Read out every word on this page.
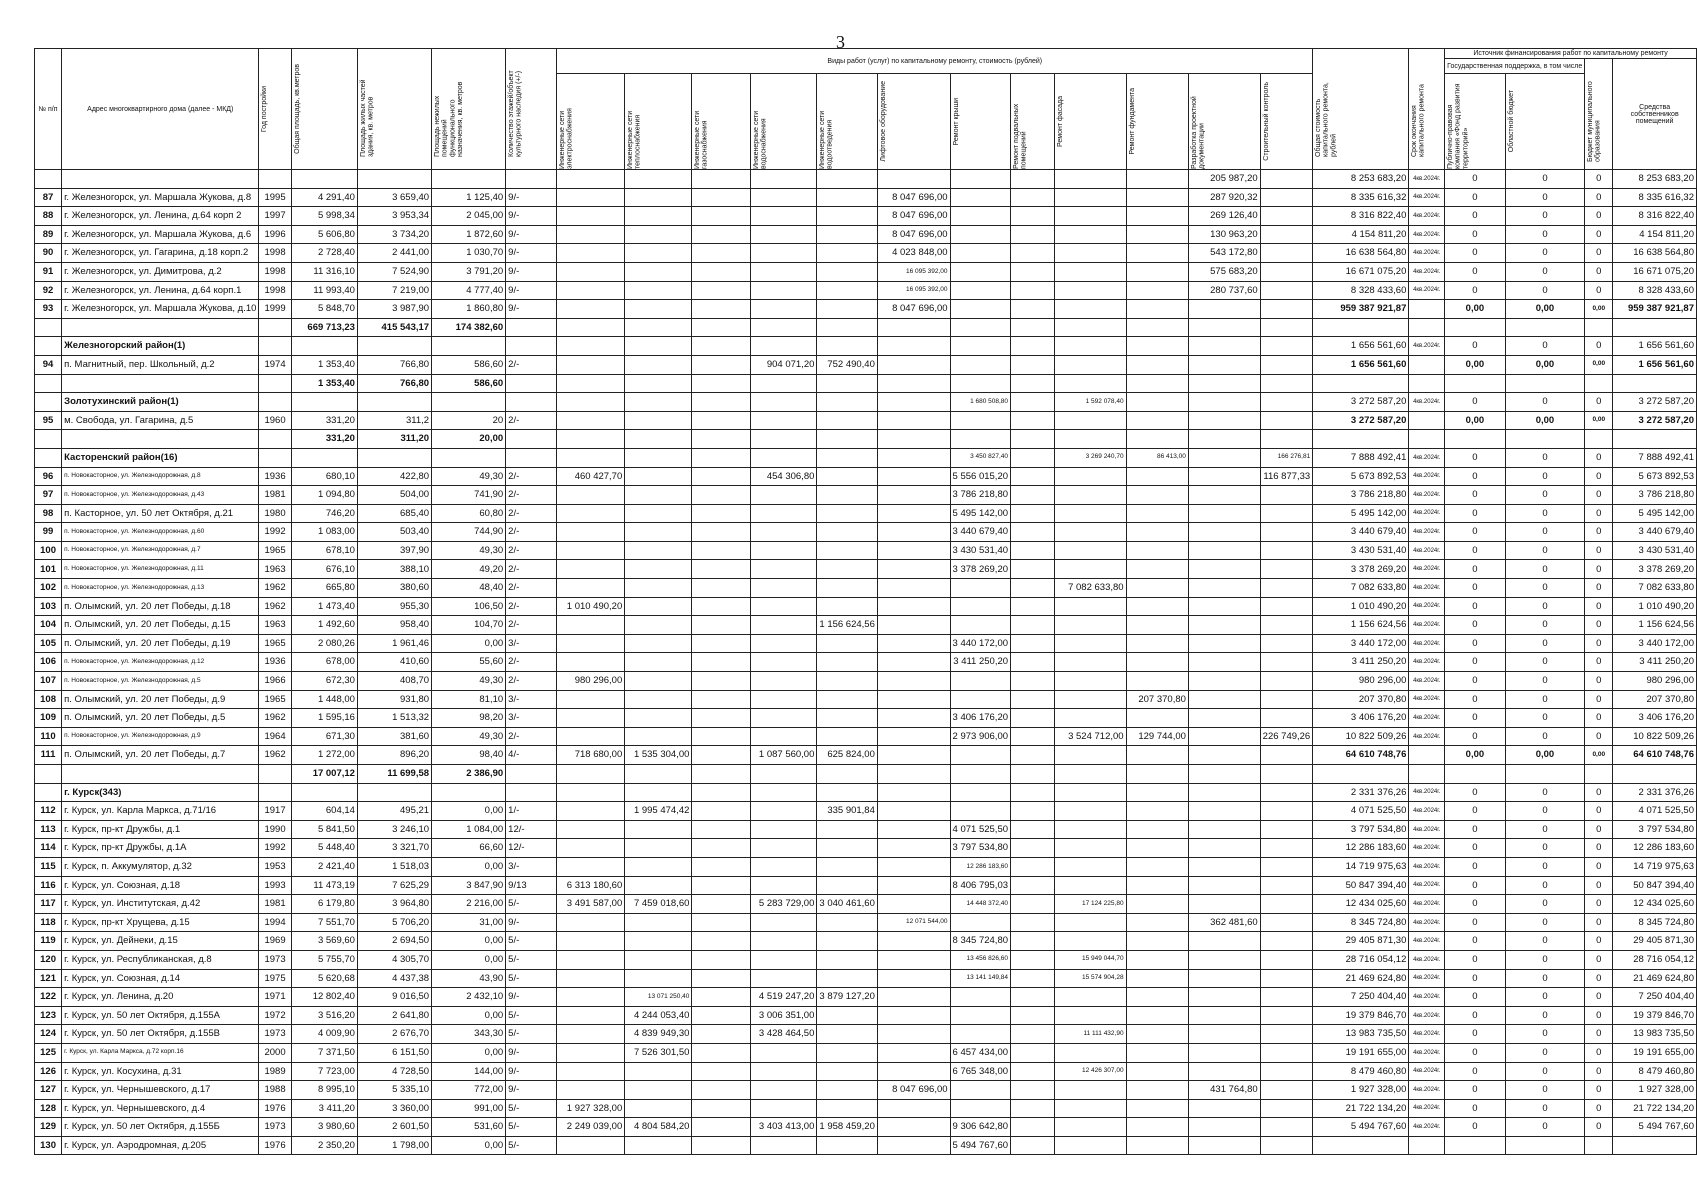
3
№ п/п	Адрес многоквартирного дома (далее - МКД)	Год постройки	Общая площадь, кв.метров	Площадь жилых частей здания, кв. метров	Площадь нежилых помещений функционального назначения, кв. метров	Количество этажей/объект культурного наследия (+/-)	Виды работ (услуг) по капитальному ремонту, стоимость (рублей)												Общая стоимость капитального ремонта, рублей	Срок окончания капитального ремонта	Источник финансирования работ по капитальному ремонту			
																					Государственная поддержка, в том числе		Бюджет муниципального образования	Средства собственников помещений

							Инженерные сети электроснабжения	Инженерные сети теплоснабжения	Инженерные сети газоснабжения	Инженерные сети водоснабжения	Инженерные сети водоотведения	Лифтовое оборудование	Ремонт крыши	Ремонт подвальных помещений	Ремонт фасада	Ремонт фундамента	Разработка проектной документации	Строительный контроль			Публично-правовая компания «Фонд развития территорий»	Областной бюджет		

																	205 987,20		8 253 683,20	4кв.2024г.	0	0	0	8 253 683,20
87	г. Железногорск, ул. Маршала Жукова, д.8	1995	4 291,40	3 659,40	1 125,40	9/-						8 047 696,00					287 920,32		8 335 616,32	4кв.2024г.	0	0	0	8 335 616,32
88	г. Железногорск, ул. Ленина, д.64 корп 2	1997	5 998,34	3 953,34	2 045,00	9/-						8 047 696,00					269 126,40		8 316 822,40	4кв.2024г.	0	0	0	8 316 822,40
89	г. Железногорск, ул. Маршала Жукова, д.6	1996	5 606,80	3 734,20	1 872,60	9/-						8 047 696,00					130 963,20		4 154 811,20	4кв.2024г.	0	0	0	4 154 811,20
90	г. Железногорск, ул. Гагарина, д.18 корп.2	1998	2 728,40	2 441,00	1 030,70	9/-						4 023 848,00					543 172,80		16 638 564,80	4кв.2024г.	0	0	0	16 638 564,80
91	г. Железногорск, ул. Димитрова, д.2	1998	11 316,10	7 524,90	3 791,20	9/-						16 095 392,00					575 683,20		16 671 075,20	4кв.2024г.	0	0	0	16 671 075,20
92	г. Железногорск, ул. Ленина, д.64 корп.1	1998	11 993,40	7 219,00	4 777,40	9/-						16 095 392,00					280 737,60		8 328 433,60	4кв.2024г.	0	0	0	8 328 433,60
93	г. Железногорск, ул. Маршала Жукова, д.10	1999	5 848,70	3 987,90	1 860,80	9/-						8 047 696,00							959 387 921,87		0,00	0,00	0,00	959 387 921,87
			669 713,23	415 543,17	174 382,60																			
	Железногорский район(1)																		1 656 561,60	4кв.2024г.	0	0	0	1 656 561,60
94	п. Магнитный, пер. Школьный, д.2	1974	1 353,40	766,80	586,60	2/-				904 071,20	752 490,40								1 656 561,60		0,00	0,00	0,00	1 656 561,60
			1 353,40	766,80	586,60																			
	Золотухинский район(1)												1 680 508,80		1 592 078,40				3 272 587,20	4кв.2024г.	0	0	0	3 272 587,20
95	м. Свобода, ул. Гагарина, д.5	1960	331,20	311,2	20	2/-													3 272 587,20		0,00	0,00	0,00	3 272 587,20
			331,20	311,20	20,00																			
	Касторенский район(16)												3 450 827,40		3 269 240,70	86 413,00		166 276,81	7 888 492,41	4кв.2024г.	0	0	0	7 888 492,41
96	п. Новокасторное, ул. Железнодорожная, д.8	1936	680,10	422,80	49,30	2/-	460 427,70			454 306,80			5 556 015,20					116 877,33	5 673 892,53	4кв.2024г.	0	0	0	5 673 892,53
97	п. Новокасторное, ул. Железнодорожная, д.43	1981	1 094,80	504,00	741,90	2/-							3 786 218,80						3 786 218,80	4кв.2024г.	0	0	0	3 786 218,80
98	п. Касторное, ул. 50 лет Октября, д.21	1980	746,20	685,40	60,80	2/-							5 495 142,00						5 495 142,00	4кв.2024г.	0	0	0	5 495 142,00
99	п. Новокасторное, ул. Железнодорожная, д.60	1992	1 083,00	503,40	744,90	2/-							3 440 679,40						3 440 679,40	4кв.2024г.	0	0	0	3 440 679,40
100	п. Новокасторное, ул. Железнодорожная, д.7	1965	678,10	397,90	49,30	2/-							3 430 531,40						3 430 531,40	4кв.2024г.	0	0	0	3 430 531,40
101	п. Новокасторное, ул. Железнодорожная, д.11	1963	676,10	388,10	49,20	2/-							3 378 269,20						3 378 269,20	4кв.2024г.	0	0	0	3 378 269,20
102	п. Новокасторное, ул. Железнодорожная, д.13	1962	665,80	380,60	48,40	2/-									7 082 633,80				7 082 633,80	4кв.2024г.	0	0	0	7 082 633,80
103	п. Олымский, ул. 20 лет Победы, д.18	1962	1 473,40	955,30	106,50	2/-	1 010 490,20												1 010 490,20	4кв.2024г.	0	0	0	1 010 490,20
104	п. Олымский, ул. 20 лет Победы, д.15	1963	1 492,60	958,40	104,70	2/-					1 156 624,56								1 156 624,56	4кв.2024г.	0	0	0	1 156 624,56
105	п. Олымский, ул. 20 лет Победы, д.19	1965	2 080,26	1 961,46	0,00	3/-							3 440 172,00						3 440 172,00	4кв.2024г.	0	0	0	3 440 172,00
106	п. Новокасторное, ул. Железнодорожная, д.12	1936	678,00	410,60	55,60	2/-							3 411 250,20						3 411 250,20	4кв.2024г.	0	0	0	3 411 250,20
107	п. Новокасторное, ул. Железнодорожная, д.5	1966	672,30	408,70	49,30	2/-	980 296,00												980 296,00	4кв.2024г.	0	0	0	980 296,00
108	п. Олымский, ул. 20 лет Победы, д.9	1965	1 448,00	931,80	81,10	3/-										207 370,80			207 370,80	4кв.2024г.	0	0	0	207 370,80
109	п. Олымский, ул. 20 лет Победы, д.5	1962	1 595,16	1 513,32	98,20	3/-							3 406 176,20						3 406 176,20	4кв.2024г.	0	0	0	3 406 176,20
110	п. Новокасторное, ул. Железнодорожная, д.9	1964	671,30	381,60	49,30	2/-							2 973 906,00		3 524 712,00	129 744,00		226 749,26	10 822 509,26	4кв.2024г.	0	0	0	10 822 509,26
111	п. Олымский, ул. 20 лет Победы, д.7	1962	1 272,00	896,20	98,40	4/-	718 680,00	1 535 304,00		1 087 560,00	625 824,00								64 610 748,76		0,00	0,00	0,00	64 610 748,76
			17 007,12	11 699,58	2 386,90																			
	г. Курск(343)																		2 331 376,26	4кв.2024г.	0	0	0	2 331 376,26
112	г. Курск, ул. Карла Маркса, д.71/16	1917	604,14	495,21	0,00	1/-		1 995 474,42			335 901,84								4 071 525,50	4кв.2024г.	0	0	0	4 071 525,50
113	г. Курск, пр-кт Дружбы, д.1	1990	5 841,50	3 246,10	1 084,00	12/-							4 071 525,50						3 797 534,80	4кв.2024г.	0	0	0	3 797 534,80
114	г. Курск, пр-кт Дружбы, д.1А	1992	5 448,40	3 321,70	66,60	12/-							3 797 534,80						12 286 183,60	4кв.2024г.	0	0	0	12 286 183,60
115	г. Курск, п. Аккумулятор, д.32	1953	2 421,40	1 518,03	0,00	3/-							12 286 183,60						14 719 975,63	4кв.2024г.	0	0	0	14 719 975,63
116	г. Курск, ул. Союзная, д.18	1993	11 473,19	7 625,29	3 847,90	9/13	6 313 180,60						8 406 795,03						50 847 394,40	4кв.2024г.	0	0	0	50 847 394,40
117	г. Курск, ул. Институтская, д.42	1981	6 179,80	3 964,80	2 216,00	5/-	3 491 587,00	7 459 018,60		5 283 729,00	3 040 461,60		14 448 372,40		17 124 225,80				12 434 025,60	4кв.2024г.	0	0	0	12 434 025,60
118	г. Курск, пр-кт Хрущева, д.15	1994	7 551,70	5 706,20	31,00	9/-						12 071 544,00					362 481,60		8 345 724,80	4кв.2024г.	0	0	0	8 345 724,80
119	г. Курск, ул. Дейнеки, д.15	1969	3 569,60	2 694,50	0,00	5/-							8 345 724,80						29 405 871,30	4кв.2024г.	0	0	0	29 405 871,30
120	г. Курск, ул. Республиканская, д.8	1973	5 755,70	4 305,70	0,00	5/-							13 456 826,60		15 949 044,70				28 716 054,12	4кв.2024г.	0	0	0	28 716 054,12
121	г. Курск, ул. Союзная, д.14	1975	5 620,68	4 437,38	43,90	5/-							13 141 149,84		15 574 904,28				21 469 624,80	4кв.2024г.	0	0	0	21 469 624,80
122	г. Курск, ул. Ленина, д.20	1971	12 802,40	9 016,50	2 432,10	9/-		13 071 250,40		4 519 247,20	3 879 127,20								7 250 404,40	4кв.2024г.	0	0	0	7 250 404,40
123	г. Курск, ул. 50 лет Октября, д.155А	1972	3 516,20	2 641,80	0,00	5/-		4 244 053,40		3 006 351,00									19 379 846,70	4кв.2024г.	0	0	0	19 379 846,70
124	г. Курск, ул. 50 лет Октября, д.155В	1973	4 009,90	2 676,70	343,30	5/-		4 839 949,30		3 428 464,50					11 111 432,90				13 983 735,50	4кв.2024г.	0	0	0	13 983 735,50
125	г. Курск, ул. Карла Маркса, д.72 корп.16	2000	7 371,50	6 151,50	0,00	9/-		7 526 301,50					6 457 434,00						19 191 655,00	4кв.2024г.	0	0	0	19 191 655,00
126	г. Курск, ул. Косухина, д.31	1989	7 723,00	4 728,50	144,00	9/-							6 765 348,00		12 426 307,00				8 479 460,80	4кв.2024г.	0	0	0	8 479 460,80
127	г. Курск, ул. Чернышевского, д.17	1988	8 995,10	5 335,10	772,00	9/-						8 047 696,00					431 764,80		1 927 328,00	4кв.2024г.	0	0	0	1 927 328,00
128	г. Курск, ул. Чернышевского, д.4	1976	3 411,20	3 360,00	991,00	5/-	1 927 328,00												21 722 134,20	4кв.2024г.	0	0	0	21 722 134,20
129	г. Курск, ул. 50 лет Октября, д.155Б	1973	3 980,60	2 601,50	531,60	5/-	2 249 039,00	4 804 584,20		3 403 413,00	1 958 459,20		9 306 642,80						5 494 767,60	4кв.2024г.	0	0	0	5 494 767,60
130	г. Курск, ул. Аэродромная, д.205	1976	2 350,20	1 798,00	0,00	5/-							5 494 767,60											
